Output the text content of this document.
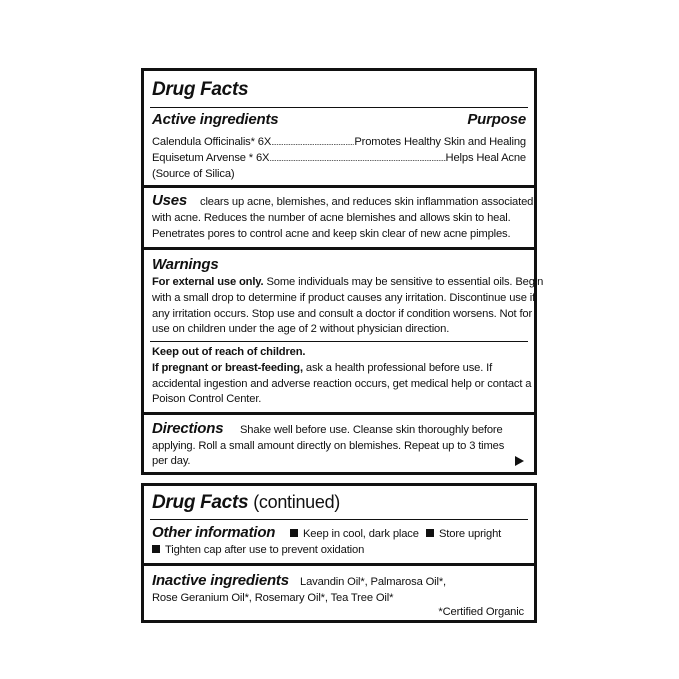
Drug Facts
Active ingredients	Purpose
Calendula Officinalis* 6X .....	Promotes Healthy Skin and Healing
Equisetum Arvense * 6X .....	Helps Heal Acne
(Source of Silica)
Uses clears up acne, blemishes, and reduces skin inflammation associated
with acne. Reduces the number of acne blemishes and allows skin to heal.
Penetrates pores to control acne and keep skin clear of new acne pimples.
Warnings
For external use only. Some individuals may be sensitive to essential oils. Begin
with a small drop to determine if product causes any irritation. Discontinue use if
any irritation occurs. Stop use and consult a doctor if condition worsens. Not for
use on children under the age of 2 without physician direction.
Keep out of reach of children.
If pregnant or breast-feeding, ask a health professional before use. If
accidental ingestion and adverse reaction occurs, get medical help or contact a
Poison Control Center.
Directions Shake well before use. Cleanse skin thoroughly before
applying. Roll a small amount directly on blemishes. Repeat up to 3 times
per day.
Drug Facts (continued)
Other information	Keep in cool, dark place	Store upright
Tighten cap after use to prevent oxidation
Inactive ingredients Lavandin Oil*, Palmarosa Oil*,
Rose Geranium Oil*, Rosemary Oil*, Tea Tree Oil*
*Certified Organic
